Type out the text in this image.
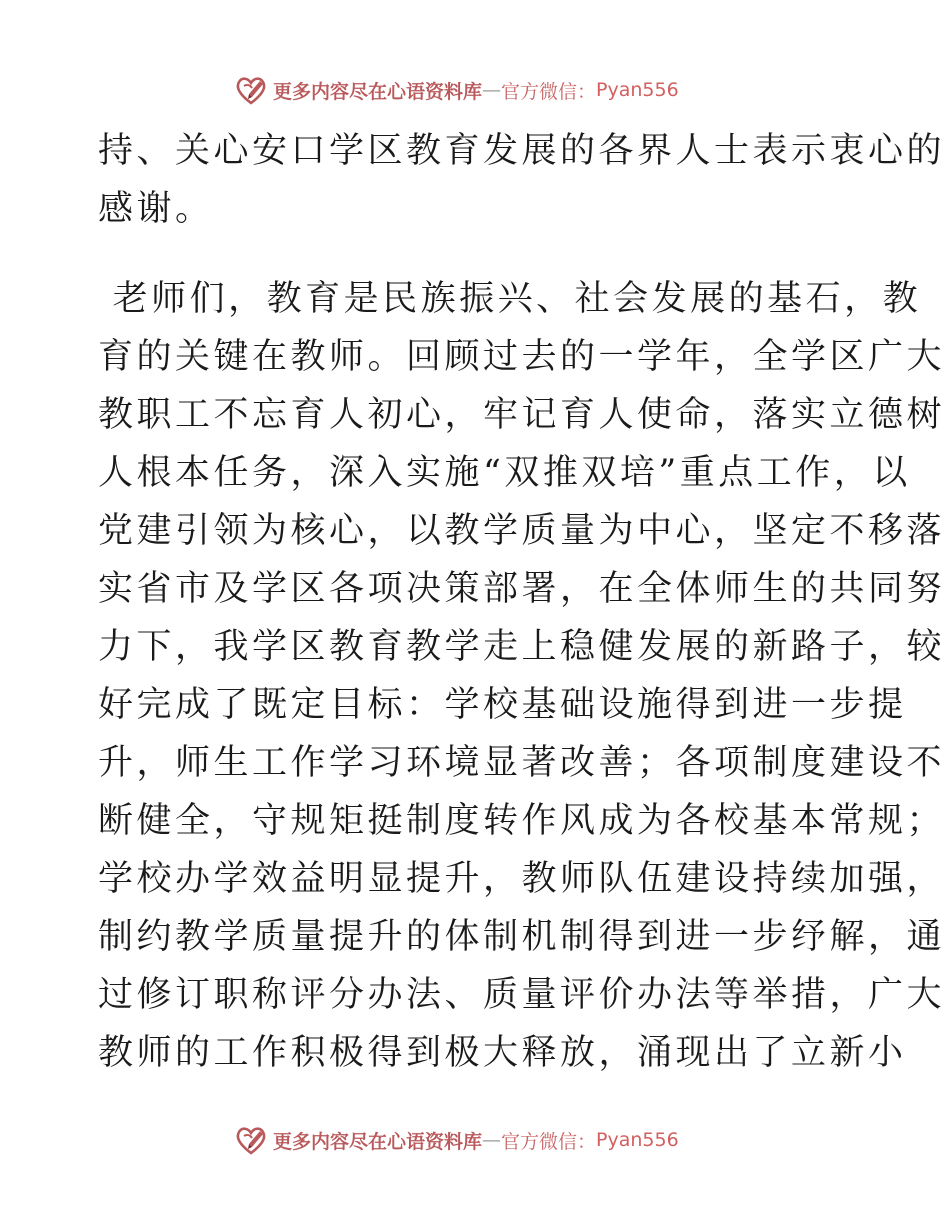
更多内容尽在心语资料库 — 官方微信： Pyan556
持、关心安口学区教育发展的各界人士表示衷心的
感谢。
老师们，教育是民族振兴、社会发展的基石，教
育的关键在教师。回顾过去的一学年，全学区广大
教职工不忘育人初心，牢记育人使命，落实立德树
人根本任务，深入实施“双推双培”重点工作，以
党建引领为核心，以教学质量为中心，坚定不移落
实省市及学区各项决策部署，在全体师生的共同努
力下，我学区教育教学走上稳健发展的新路子，较
好完成了既定目标：学校基础设施得到进一步提
升，师生工作学习环境显著改善；各项制度建设不
断健全，守规矩挺制度转作风成为各校基本常规；
学校办学效益明显提升，教师队伍建设持续加强，
制约教学质量提升的体制机制得到进一步纾解，通
过修订职称评分办法、质量评价办法等举措，广大
教师的工作积极得到极大释放，涌现出了立新小
更多内容尽在心语资料库 — 官方微信： Pyan556
